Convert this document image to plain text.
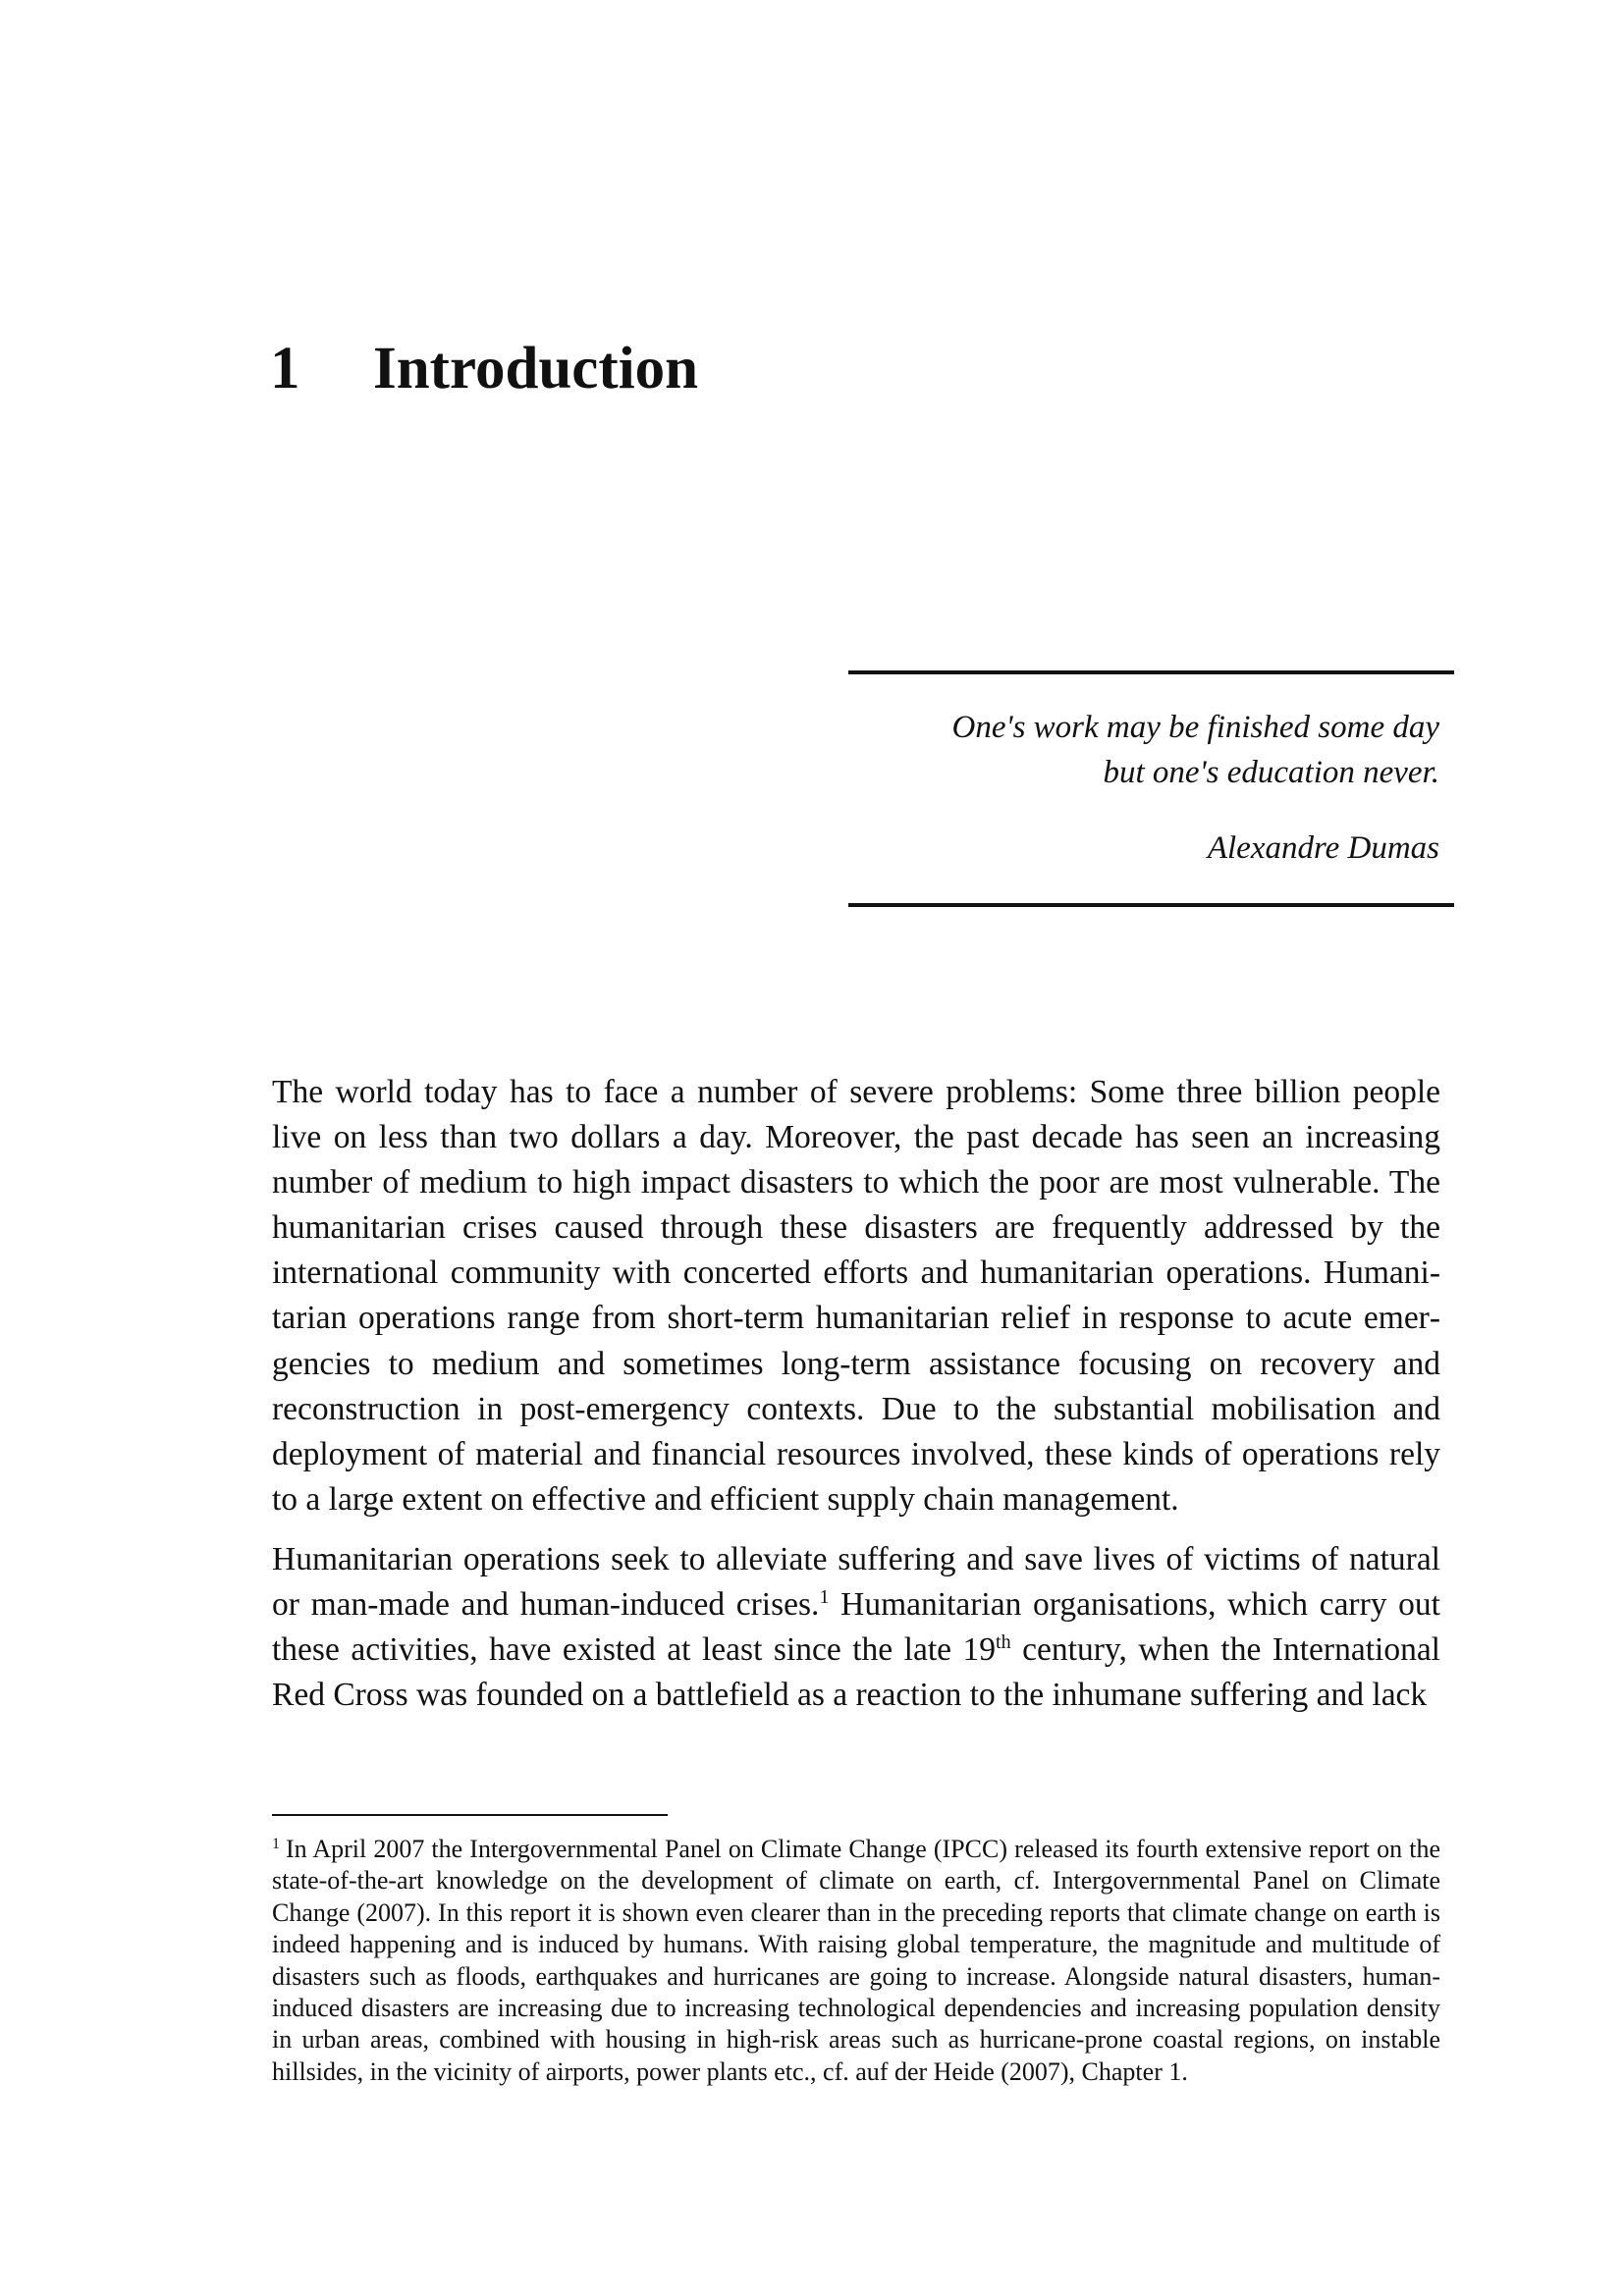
1 Introduction
One's work may be finished some day
but one's education never.
Alexandre Dumas

The world today has to face a number of severe problems: Some three billion people live on less than two dollars a day. Moreover, the past decade has seen an increasing number of medium to high impact disasters to which the poor are most vulnerable. The humanitarian crises caused through these disasters are frequently addressed by the international community with concerted efforts and humanitarian operations. Humanitarian operations range from short-term humanitarian relief in response to acute emergencies to medium and sometimes long-term assistance focusing on recovery and reconstruction in post-emergency contexts. Due to the substantial mobilisation and deployment of material and financial resources involved, these kinds of operations rely to a large extent on effective and efficient supply chain management.

Humanitarian operations seek to alleviate suffering and save lives of victims of natural or man-made and human-induced crises.$^1$ Humanitarian organisations, which carry out these activities, have existed at least since the late 19th century, when the International Red Cross was founded on a battlefield as a reaction to the inhumane suffering and lack

$^1$ In April 2007 the Intergovernmental Panel on Climate Change (IPCC) released its fourth extensive report on the state-of-the-art knowledge on the development of climate on earth, cf. Intergovernmental Panel on Climate Change (2007). In this report it is shown even clearer than in the preceding reports that climate change on earth is indeed happening and is induced by humans. With raising global temperature, the magnitude and multitude of disasters such as floods, earthquakes and hurricanes are going to increase. Alongside natural disasters, human-induced disasters are increasing due to increasing technological dependencies and increasing population density in urban areas, combined with housing in high-risk areas such as hurricane-prone coastal regions, on instable hillsides, in the vicinity of airports, power plants etc., cf. auf der Heide (2007), Chapter 1.
